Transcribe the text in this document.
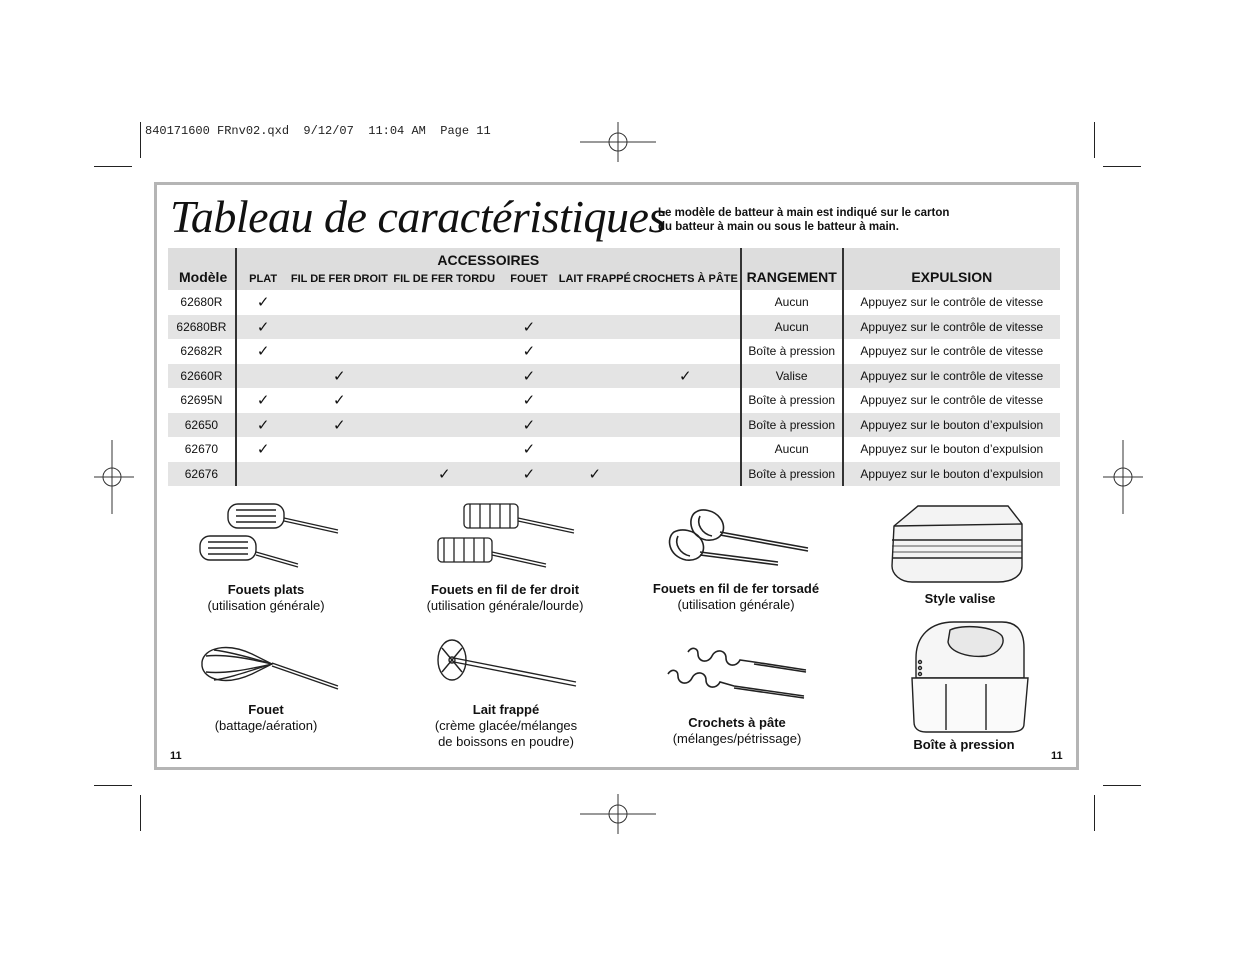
840171600 FRnv02.qxd  9/12/07  11:04 AM  Page 11
Tableau de caractéristiques
Le modèle de batteur à main est indiqué sur le carton
du batteur à main ou sous le batteur à main.
Modèle	ACCESSOIRES						RANGEMENT	EXPULSION
	PLAT	FIL DE FER DROIT	FIL DE FER TORDU	FOUET	LAIT FRAPPÉ	CROCHETS À PÂTE		
62680R	✓						Aucun	Appuyez sur le contrôle de vitesse
62680BR	✓			✓			Aucun	Appuyez sur le contrôle de vitesse
62682R	✓			✓			Boîte à pression	Appuyez sur le contrôle de vitesse
62660R		✓		✓		✓	Valise	Appuyez sur le contrôle de vitesse
62695N	✓	✓		✓			Boîte à pression	Appuyez sur le contrôle de vitesse
62650	✓	✓		✓			Boîte à pression	Appuyez sur le bouton d’expulsion
62670	✓			✓			Aucun	Appuyez sur le bouton d’expulsion
62676			✓	✓	✓		Boîte à pression	Appuyez sur le bouton d’expulsion
Fouets plats
(utilisation générale)
Fouets en fil de fer droit
(utilisation générale/lourde)
Fouets en fil de fer torsadé
(utilisation générale)	Style valise
Fouet
(battage/aération)
Lait frappé
(crème glacée/mélanges
de boissons en poudre)
Crochets à pâte
(mélanges/pétrissage)	Boîte à pression
11	11
